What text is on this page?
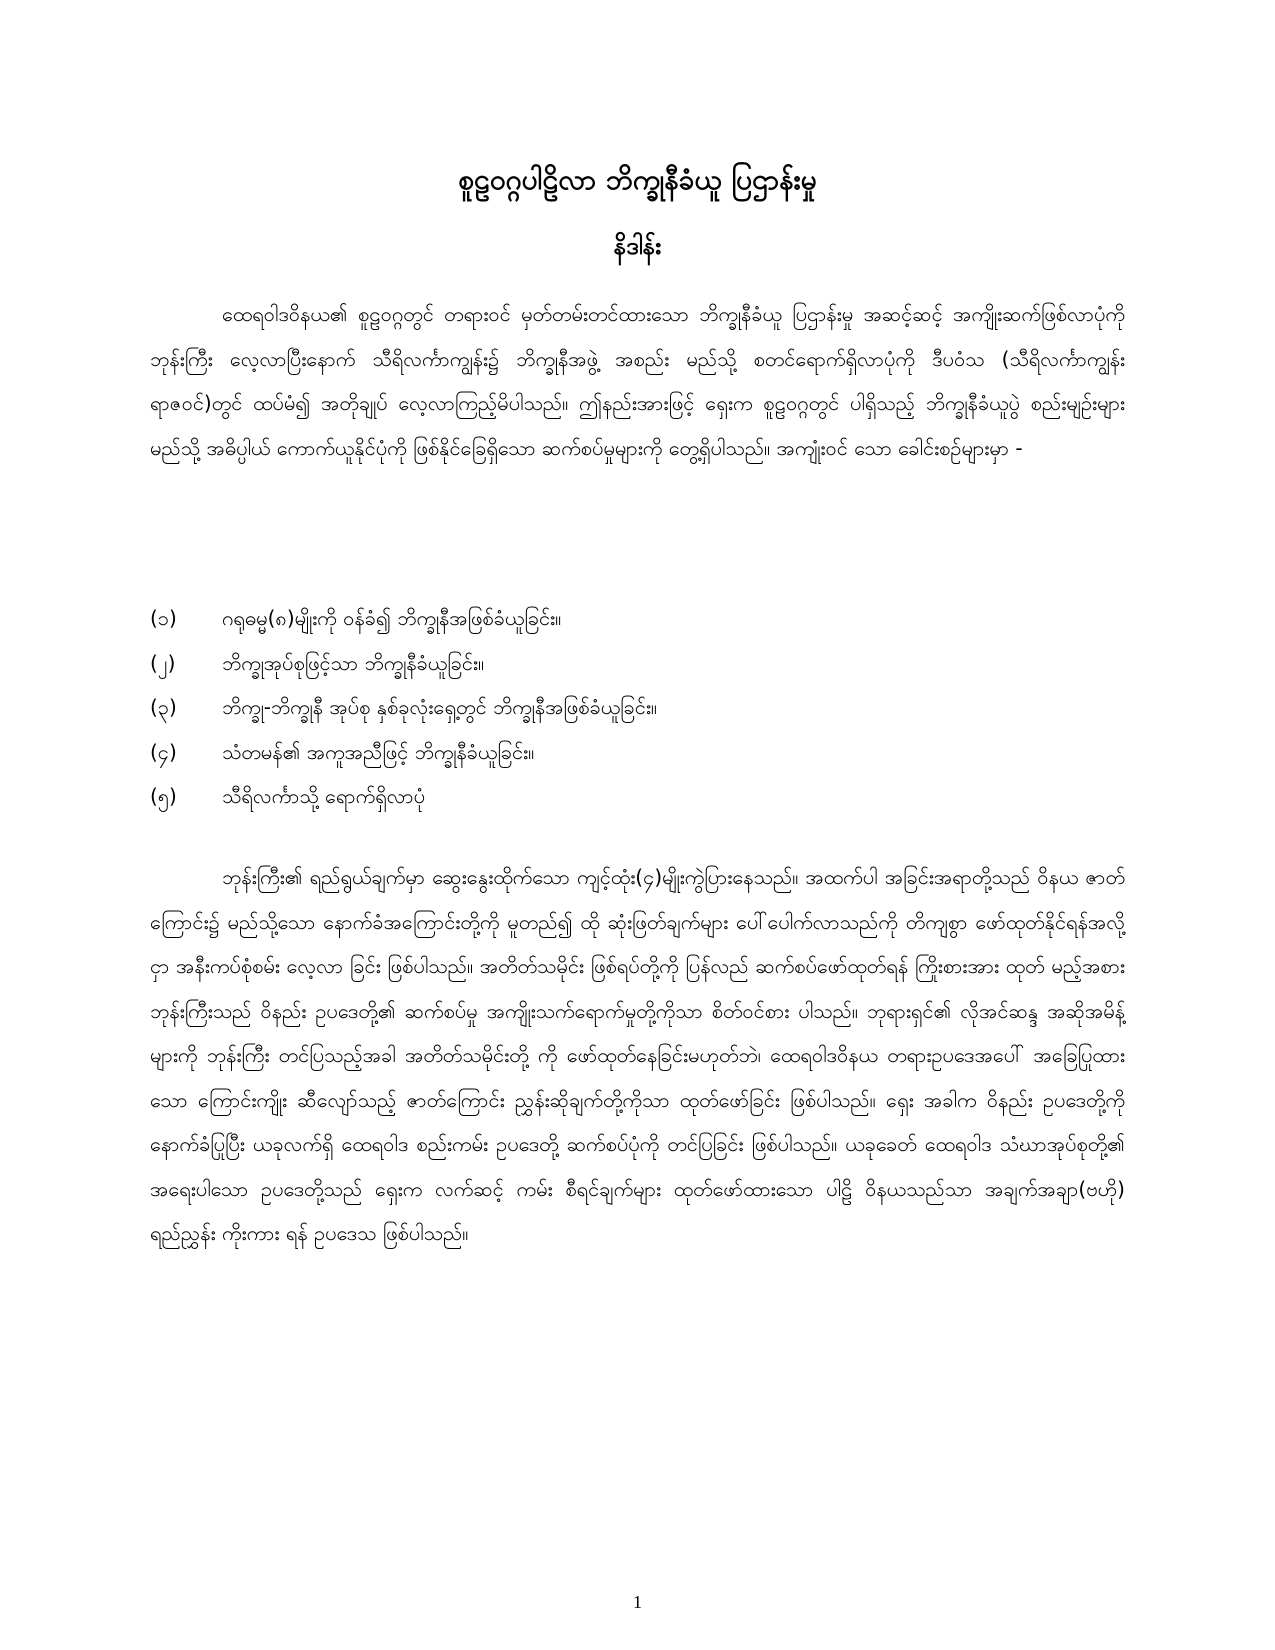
စူဠဝဂ္ဂပါဠိလာ ဘိက္ခုနီခံယူ ပြဌာန်းမှု
နိဒါန်း

ထေရဝါဒဝိနယ၏ စူဠဝဂ္ဂတွင် တရားဝင် မှတ်တမ်းတင်ထားသော ဘိက္ခုနီခံယူ ပြဌာန်းမှု အဆင့်ဆင့် အကျိုးဆက်ဖြစ်လာပုံကို ဘုန်းကြီး လေ့လာပြီးနောက် သီရိလင်္ကာကျွန်း၌ ဘိက္ခုနီအဖွဲ့ အစည်း မည်သို့ စတင်ရောက်ရှိလာပုံကို ဒီပဝံသ (သီရိလင်္ကာကျွန်း ရာဇဝင်)တွင် ထပ်မံ၍ အတိုချုပ် လေ့လာကြည့်မိပါသည်။ ဤနည်းအားဖြင့် ရှေးက စူဠဝဂ္ဂတွင် ပါရှိသည့် ဘိက္ခုနီခံယူပွဲ စည်းမျဉ်းများ မည်သို့ အဓိပ္ပါယ် ကောက်ယူနိုင်ပုံကို ဖြစ်နိုင်ခြေရှိသော ဆက်စပ်မှုများကို တွေ့ရှိပါသည်။ အကျုံးဝင် သော ခေါင်းစဉ်များမှာ -

(၁)	ဂရုဓမ္မ(၈)မျိုးကို ဝန်ခံ၍ ဘိက္ခုနီအဖြစ်ခံယူခြင်း။
(၂)	ဘိက္ခုအုပ်စုဖြင့်သာ ဘိက္ခုနီခံယူခြင်း။
(၃)	ဘိက္ခု-ဘိက္ခုနီ အုပ်စု နှစ်ခုလုံးရှေ့တွင် ဘိက္ခုနီအဖြစ်ခံယူခြင်း။
(၄)	သံတမန်၏ အကူအညီဖြင့် ဘိက္ခုနီခံယူခြင်း။
(၅)	သီရိလင်္ကာသို့ ရောက်ရှိလာပုံ

ဘုန်းကြီး၏ ရည်ရွယ်ချက်မှာ ဆွေးနွေးထိုက်သော ကျင့်ထုံး(၄)မျိုးကွဲပြားနေသည်။ အထက်ပါ အခြင်းအရာတို့သည် ဝိနယ ဇာတ်ကြောင်း၌ မည်သို့သော နောက်ခံအကြောင်းတို့ကို မူတည်၍ ထို ဆုံးဖြတ်ချက်များ ပေါ်ပေါက်လာသည်ကို တိကျစွာ ဖော်ထုတ်နိုင်ရန်အလို့ငှာ အနီးကပ်စုံစမ်း လေ့လာ ခြင်း ဖြစ်ပါသည်။ အတိတ်သမိုင်း ဖြစ်ရပ်တို့ကို ပြန်လည် ဆက်စပ်ဖော်ထုတ်ရန် ကြိုးစားအား ထုတ် မည့်အစား ဘုန်းကြီးသည် ဝိနည်း ဥပဒေတို့၏ ဆက်စပ်မှု အကျိုးသက်ရောက်မှုတို့ကိုသာ စိတ်ဝင်စား ပါသည်။ ဘုရားရှင်၏ လိုအင်ဆန္ဒ အဆိုအမိန့်များကို ဘုန်းကြီး တင်ပြသည့်အခါ အတိတ်သမိုင်းတို့ ကို ဖော်ထုတ်နေခြင်းမဟုတ်ဘဲ၊ ထေရဝါဒဝိနယ တရားဥပဒေအပေါ် အခြေပြုထားသော ကြောင်းကျိုး ဆီလျော်သည့် ဇာတ်ကြောင်း ညွှန်းဆိုချက်တို့ကိုသာ ထုတ်ဖော်ခြင်း ဖြစ်ပါသည်။ ရှေး အခါက ဝိနည်း ဥပဒေတို့ကို နောက်ခံပြုပြီး ယခုလက်ရှိ ထေရဝါဒ စည်းကမ်း ဥပဒေတို့ ဆက်စပ်ပုံကို တင်ပြခြင်း ဖြစ်ပါသည်။ ယခုခေတ် ထေရဝါဒ သံဃာအုပ်စုတို့၏ အရေးပါသော ဥပဒေတို့သည် ရှေးက လက်ဆင့် ကမ်း စီရင်ချက်များ ထုတ်ဖော်ထားသော ပါဠိ ဝိနယသည်သာ အချက်အချာ(ဗဟို) ရည်ညွှန်း ကိုးကား ရန် ဥပဒေသ ဖြစ်ပါသည်။

1
